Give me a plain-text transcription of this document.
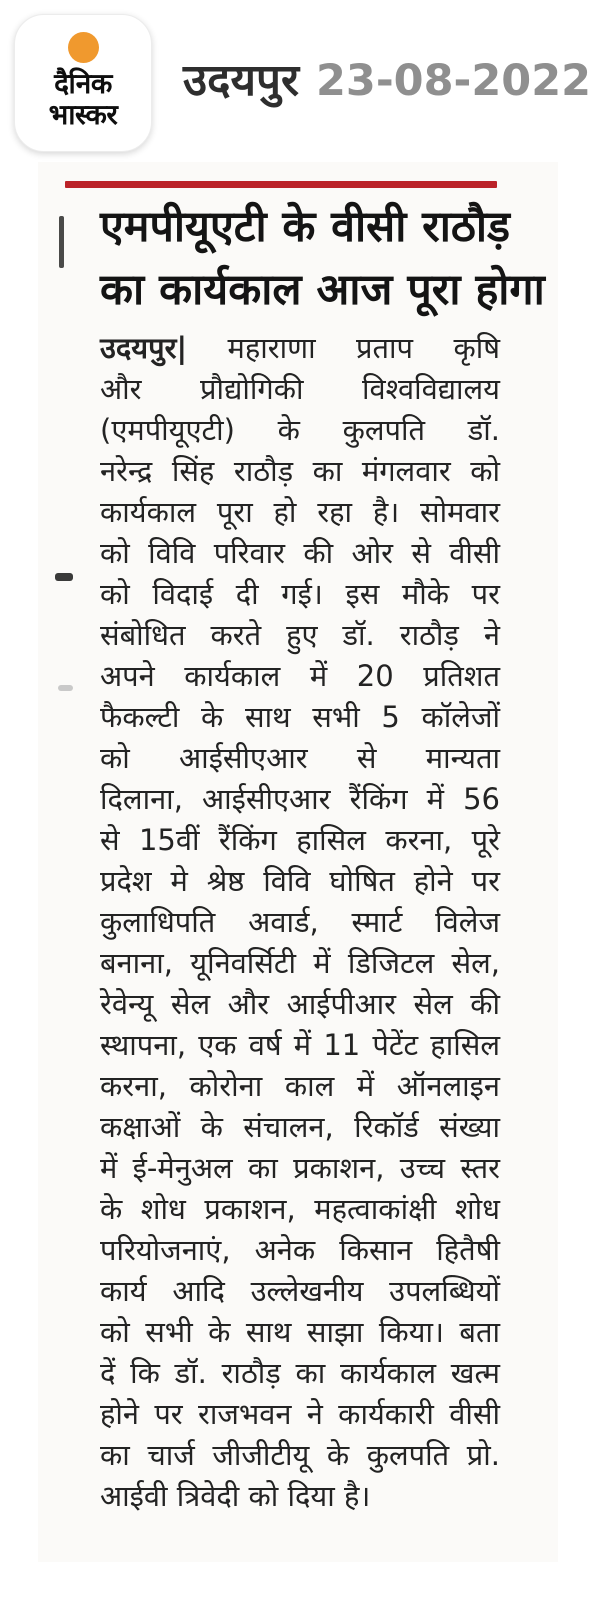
दैनिक
भास्कर
उदयपुर 23-08-2022
एमपीयूएटी के वीसी राठौड़
का कार्यकाल आज पूरा होगा
उदयपुर| महाराणा प्रताप कृषि
और प्रौद्योगिकी विश्वविद्यालय
(एमपीयूएटी) के कुलपति डॉ.
नरेन्द्र सिंह राठौड़ का मंगलवार को
कार्यकाल पूरा हो रहा है। सोमवार
को विवि परिवार की ओर से वीसी
को विदाई दी गई। इस मौके पर
संबोधित करते हुए डॉ. राठौड़ ने
अपने कार्यकाल में 20 प्रतिशत
फैकल्टी के साथ सभी 5 कॉलेजों
को आईसीएआर से मान्यता
दिलाना, आईसीएआर रैंकिंग में 56
से 15वीं रैंकिंग हासिल करना, पूरे
प्रदेश मे श्रेष्ठ विवि घोषित होने पर
कुलाधिपति अवार्ड, स्मार्ट विलेज
बनाना, यूनिवर्सिटी में डिजिटल सेल,
रेवेन्यू सेल और आईपीआर सेल की
स्थापना, एक वर्ष में 11 पेटेंट हासिल
करना, कोरोना काल में ऑनलाइन
कक्षाओं के संचालन, रिकॉर्ड संख्या
में ई-मेनुअल का प्रकाशन, उच्च स्तर
के शोध प्रकाशन, महत्वाकांक्षी शोध
परियोजनाएं, अनेक किसान हितैषी
कार्य आदि उल्लेखनीय उपलब्धियों
को सभी के साथ साझा किया। बता
दें कि डॉ. राठौड़ का कार्यकाल खत्म
होने पर राजभवन ने कार्यकारी वीसी
का चार्ज जीजीटीयू के कुलपति प्रो.
आईवी त्रिवेदी को दिया है।
